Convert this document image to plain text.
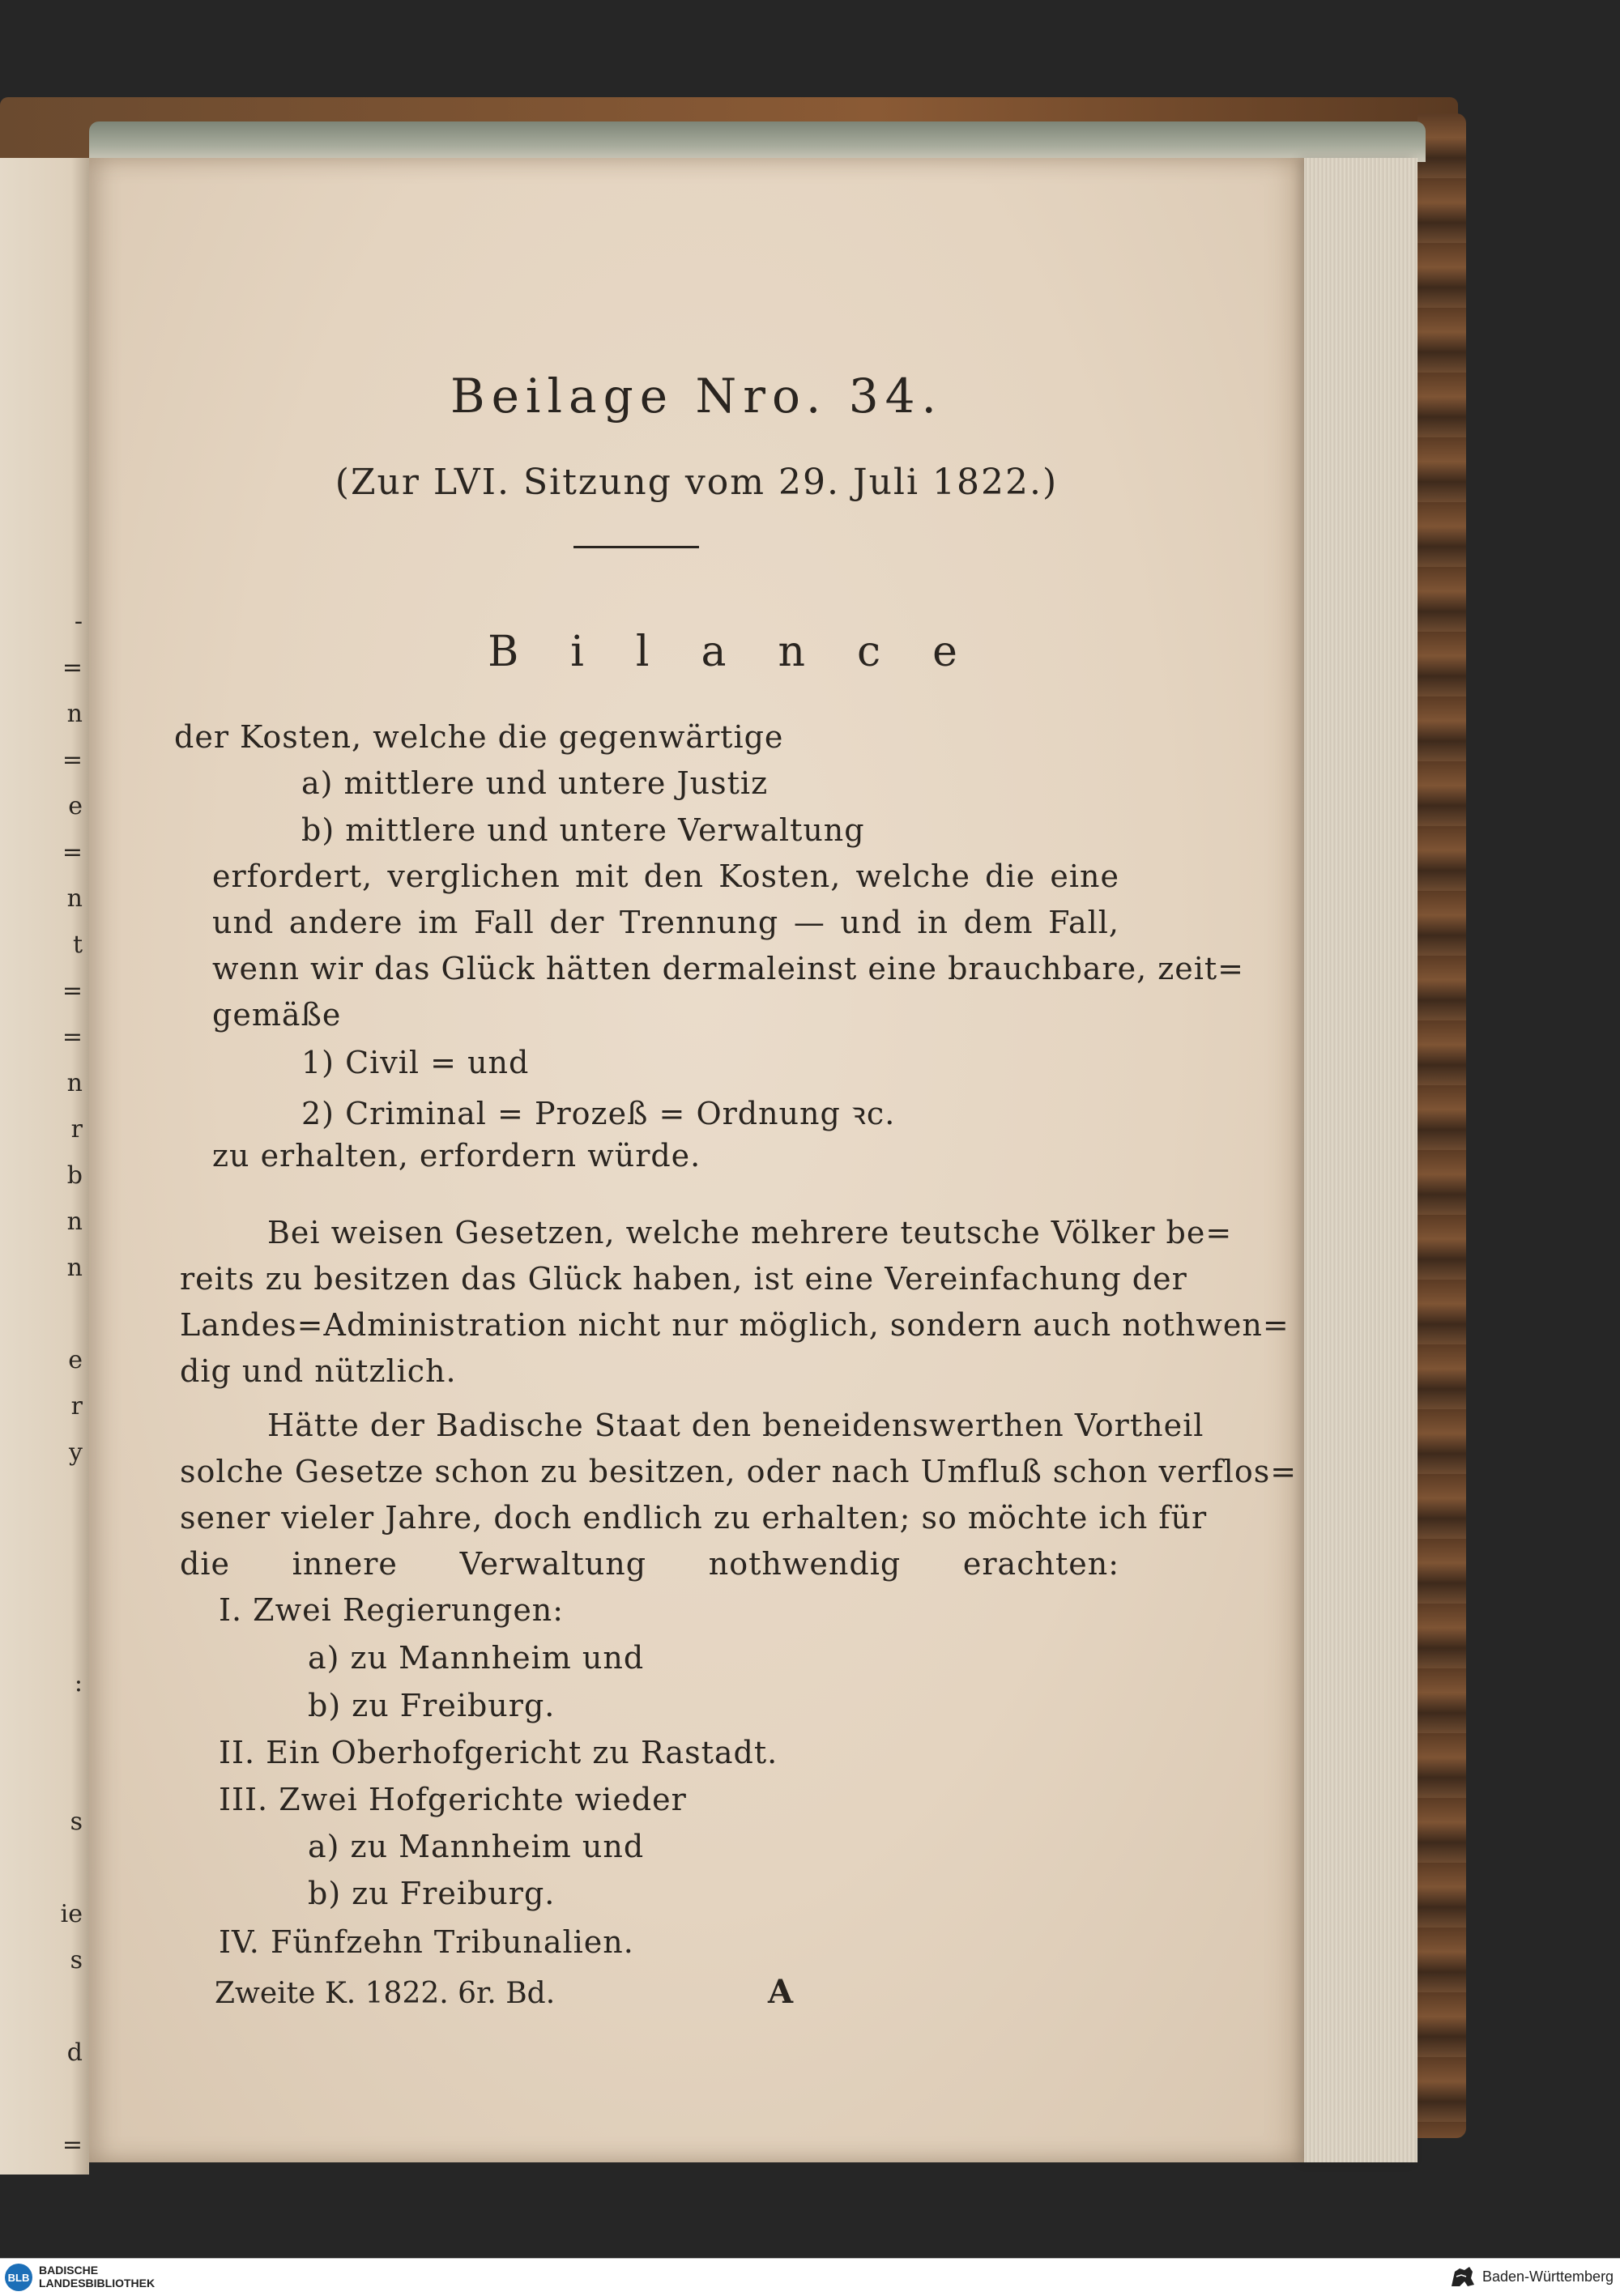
-
=
n
=
e
=
n
t
=
=
n
r
b
n
n
e
r
y
:
s
ie
s
d
=
Beilage Nro. 34.
(Zur LVI. Sitzung vom 29. Juli 1822.)
Bilance
der Kosten, welche die gegenwärtige
a) mittlere und untere Justiz
b) mittlere und untere Verwaltung
erfordert, verglichen mit den Kosten, welche die eine
und andere im Fall der Trennung — und in dem Fall,
wenn wir das Glück hätten dermaleinst eine brauchbare, zeit=
gemäße
1) Civil = und
2) Criminal = Prozeß = Ordnung ꝛc.
zu erhalten, erfordern würde.
Bei weisen Gesetzen, welche mehrere teutsche Völker be=
reits zu besitzen das Glück haben, ist eine Vereinfachung der
Landes=Administration nicht nur möglich, sondern auch nothwen=
dig und nützlich.
Hätte der Badische Staat den beneidenswerthen Vortheil
solche Gesetze schon zu besitzen, oder nach Umfluß schon verflos=
sener vieler Jahre, doch endlich zu erhalten; so möchte ich für
die innere Verwaltung nothwendig erachten:
I. Zwei Regierungen:
a) zu Mannheim und
b) zu Freiburg.
II. Ein Oberhofgericht zu Rastadt.
III. Zwei Hofgerichte wieder
a) zu Mannheim und
b) zu Freiburg.
IV. Fünfzehn Tribunalien.
Zweite K. 1822. 6r. Bd.	A
BLB
BADISCHE
LANDESBIBLIOTHEK	Baden-Württemberg
